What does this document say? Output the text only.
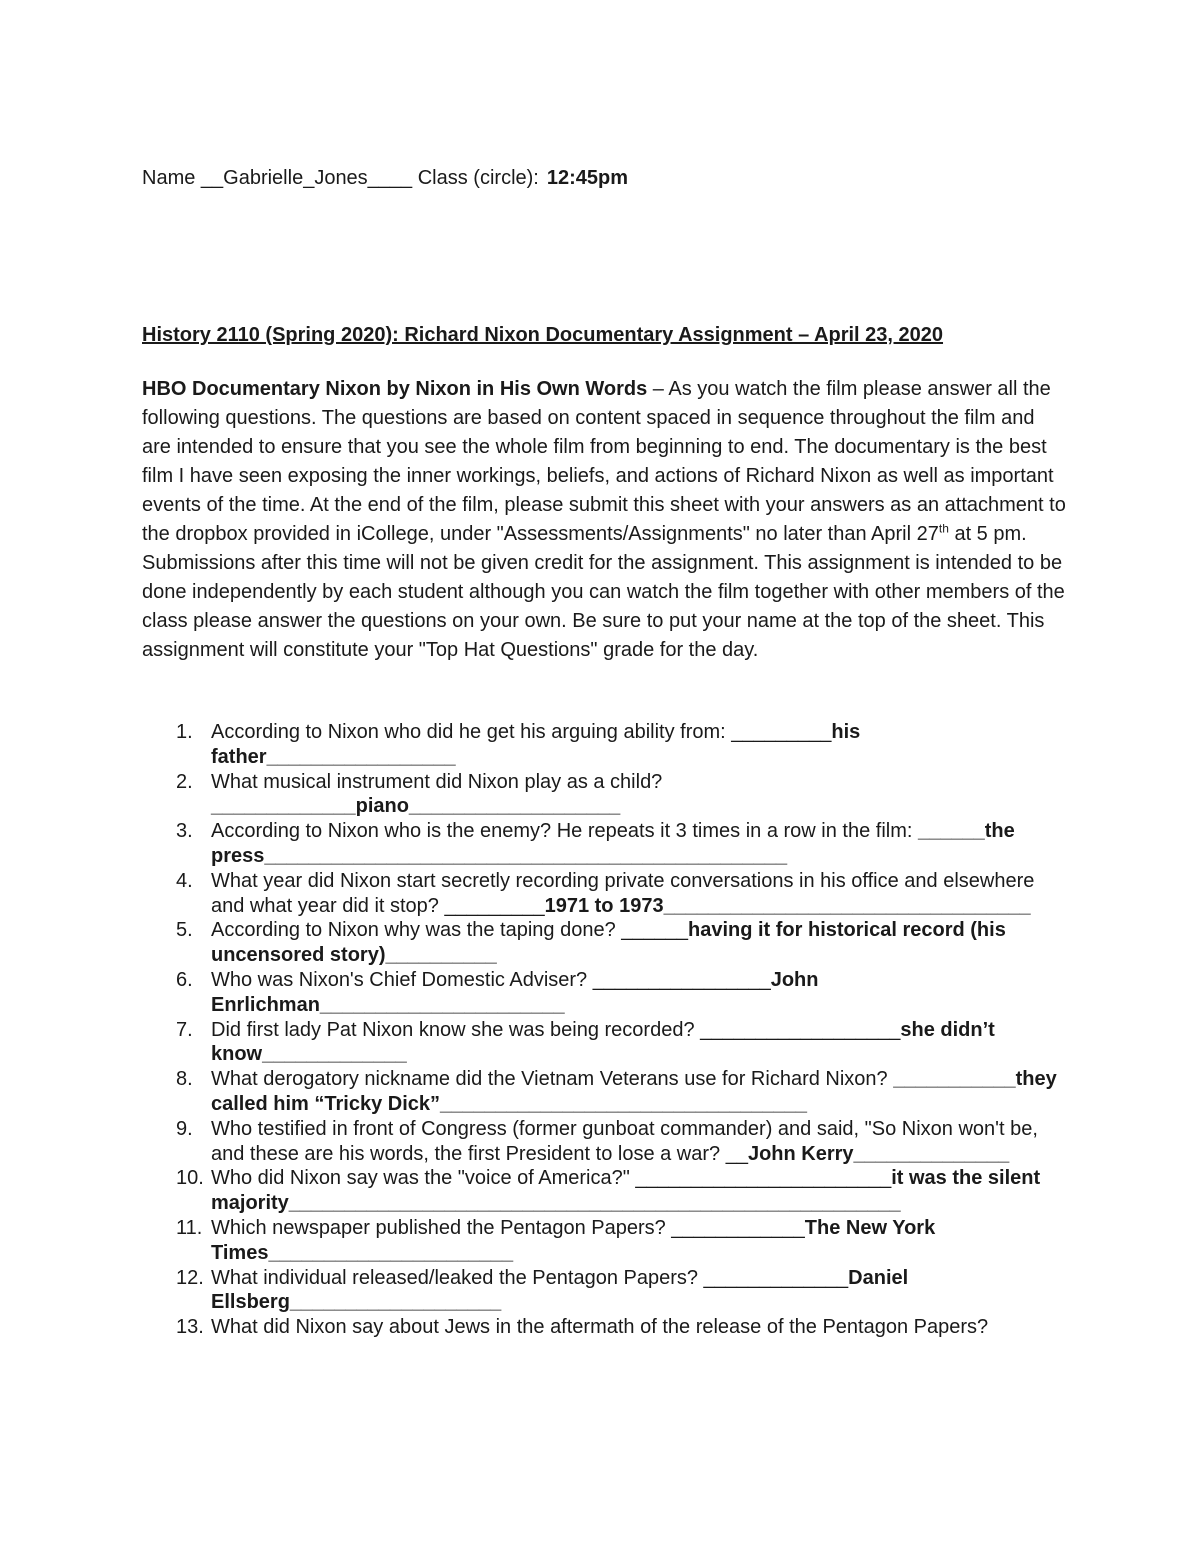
Name __Gabrielle_Jones____ Class (circle): 12:45pm
History 2110 (Spring 2020): Richard Nixon Documentary Assignment – April 23, 2020

HBO Documentary Nixon by Nixon in His Own Words – As you watch the film please answer all the following questions. The questions are based on content spaced in sequence throughout the film and are intended to ensure that you see the whole film from beginning to end. The documentary is the best film I have seen exposing the inner workings, beliefs, and actions of Richard Nixon as well as important events of the time. At the end of the film, please submit this sheet with your answers as an attachment to the dropbox provided in iCollege, under "Assessments/Assignments" no later than April 27th at 5 pm. Submissions after this time will not be given credit for the assignment. This assignment is intended to be done independently by each student although you can watch the film together with other members of the class please answer the questions on your own. Be sure to put your name at the top of the sheet. This assignment will constitute your "Top Hat Questions" grade for the day.

1. According to Nixon who did he get his arguing ability from: _________his father_________________
2. What musical instrument did Nixon play as a child? _____________piano___________________
3. According to Nixon who is the enemy? He repeats it 3 times in a row in the film: ______the press_______________________________________________
4. What year did Nixon start secretly recording private conversations in his office and elsewhere and what year did it stop? _________1971 to 1973_________________________________
5. According to Nixon why was the taping done? ______having it for historical record (his uncensored story)__________
6. Who was Nixon's Chief Domestic Adviser? ________________John Enrlichman______________________
7. Did first lady Pat Nixon know she was being recorded? __________________she didn’t know_____________
8. What derogatory nickname did the Vietnam Veterans use for Richard Nixon? ___________they called him “Tricky Dick”_________________________________
9. Who testified in front of Congress (former gunboat commander) and said, "So Nixon won't be, and these are his words, the first President to lose a war? __John Kerry______________
10. Who did Nixon say was the "voice of America?" _______________________it was the silent majority_______________________________________________________
11. Which newspaper published the Pentagon Papers? ____________The New York Times______________________
12. What individual released/leaked the Pentagon Papers? _____________Daniel Ellsberg___________________
13. What did Nixon say about Jews in the aftermath of the release of the Pentagon Papers?
